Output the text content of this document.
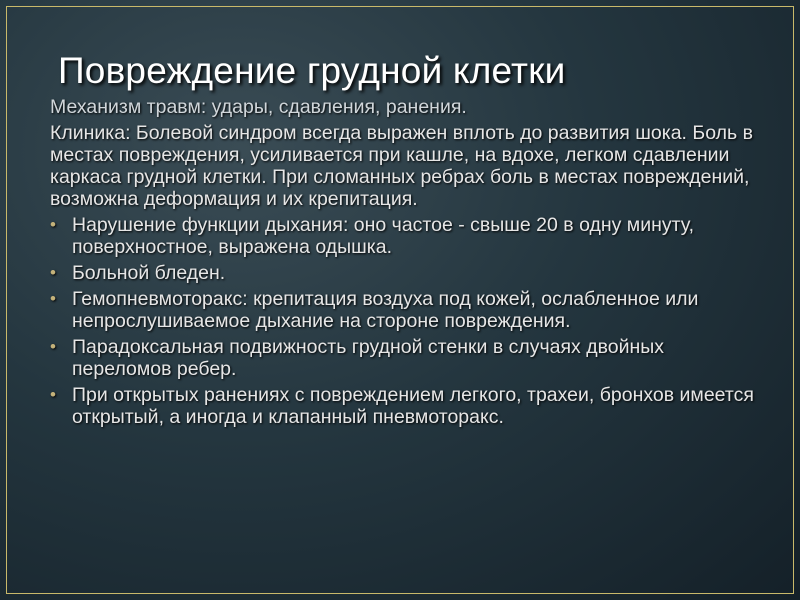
Повреждение грудной клетки

Механизм травм: удары, сдавления, ранения.

Клиника: Болевой синдром всегда выражен вплоть до развития шока. Боль в местах повреждения, усиливается при кашле, на вдохе, легком сдавлении каркаса грудной клетки. При сломанных ребрах боль в местах повреждений, возможна деформация и их крепитация.

• Нарушение функции дыхания: оно частое - свыше 20 в одну минуту, поверхностное, выражена одышка.
• Больной бледен.
• Гемопневмоторакс: крепитация воздуха под кожей, ослабленное или непрослушиваемое дыхание на стороне повреждения.
• Парадоксальная подвижность грудной стенки в случаях двойных переломов ребер.
• При открытых ранениях с повреждением легкого, трахеи, бронхов имеется открытый, а иногда и клапанный пневмоторакс.
